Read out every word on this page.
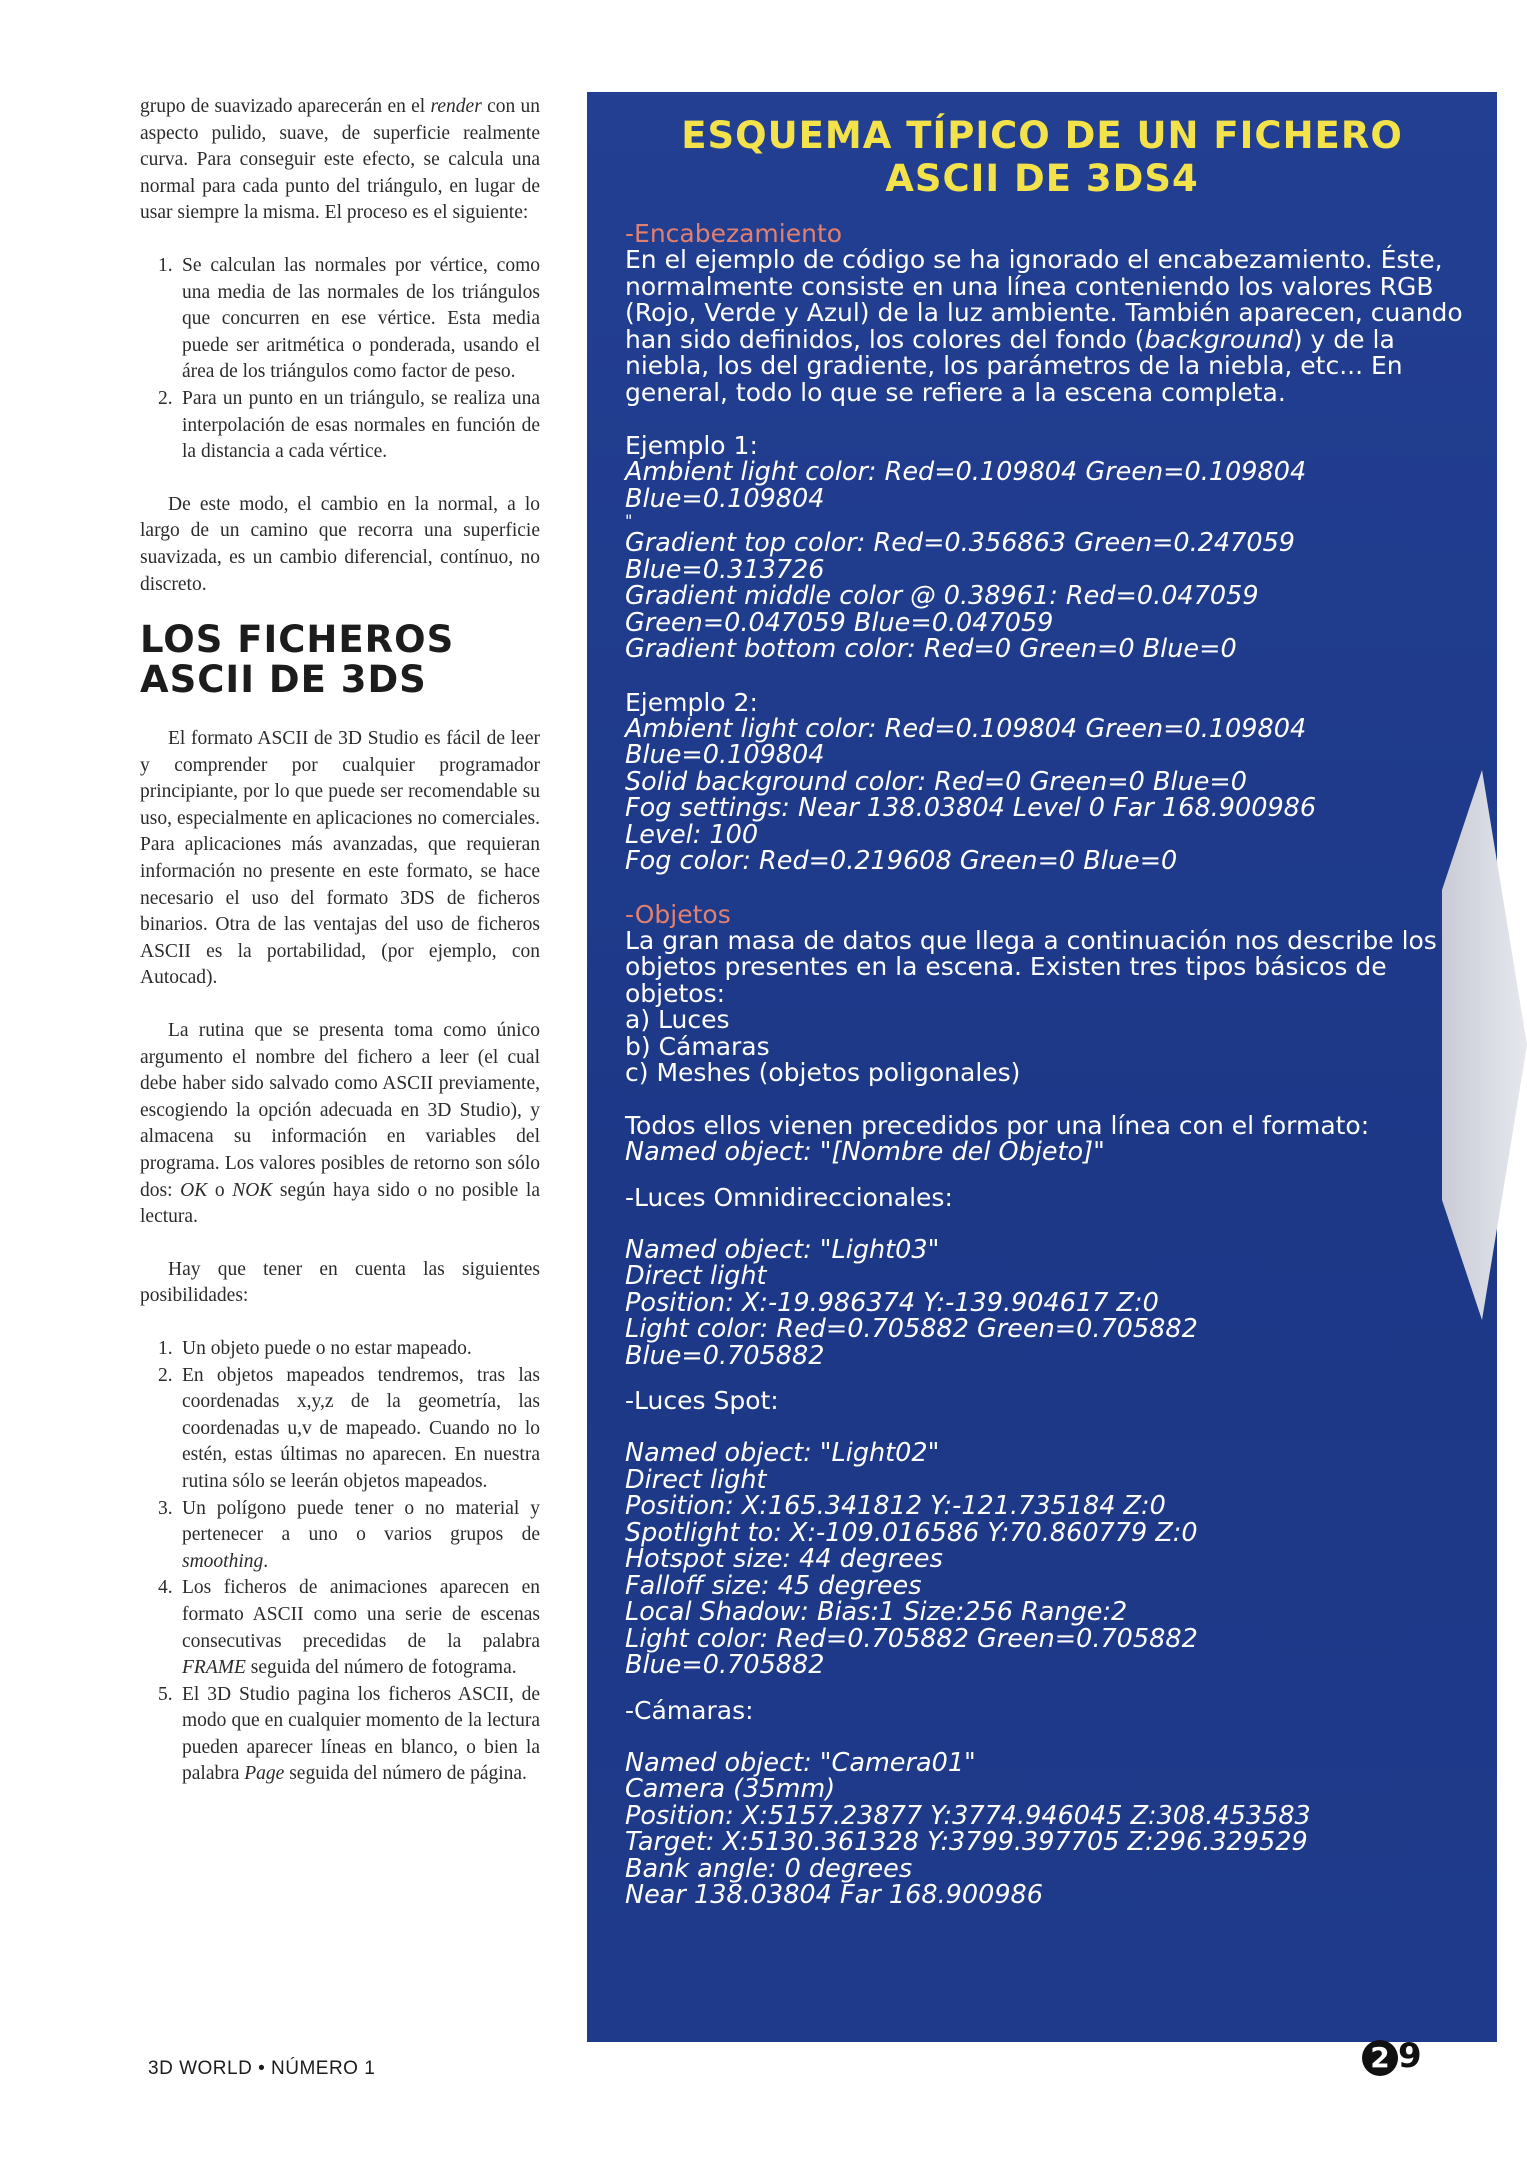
grupo de suavizado aparecerán en el render con un aspecto pulido, suave, de superficie realmente curva. Para conseguir este efecto, se calcula una normal para cada punto del triángulo, en lugar de usar siempre la misma. El proceso es el siguiente:

1. Se calculan las normales por vértice, como una media de las normales de los triángulos que concurren en ese vértice. Esta media puede ser aritmética o ponderada, usando el área de los triángulos como factor de peso.
2. Para un punto en un triángulo, se realiza una interpolación de esas normales en función de la distancia a cada vértice.

De este modo, el cambio en la normal, a lo largo de un camino que recorra una superficie suavizada, es un cambio diferencial, contínuo, no discreto.

LOS FICHEROS
ASCII DE 3DS

El formato ASCII de 3D Studio es fácil de leer y comprender por cualquier programador principiante, por lo que puede ser recomendable su uso, especialmente en aplicaciones no comerciales. Para aplicaciones más avanzadas, que requieran información no presente en este formato, se hace necesario el uso del formato 3DS de ficheros binarios. Otra de las ventajas del uso de ficheros ASCII es la portabilidad, (por ejemplo, con Autocad).

La rutina que se presenta toma como único argumento el nombre del fichero a leer (el cual debe haber sido salvado como ASCII previamente, escogiendo la opción adecuada en 3D Studio), y almacena su información en variables del programa. Los valores posibles de retorno son sólo dos: OK o NOK según haya sido o no posible la lectura.

Hay que tener en cuenta las siguientes posibilidades:

1. Un objeto puede o no estar mapeado.
2. En objetos mapeados tendremos, tras las coordenadas x,y,z de la geometría, las coordenadas u,v de mapeado. Cuando no lo estén, estas últimas no aparecen. En nuestra rutina sólo se leerán objetos mapeados.
3. Un polígono puede tener o no material y pertenecer a uno o varios grupos de smoothing.
4. Los ficheros de animaciones aparecen en formato ASCII como una serie de escenas consecutivas precedidas de la palabra FRAME seguida del número de fotograma.
5. El 3D Studio pagina los ficheros ASCII, de modo que en cualquier momento de la lectura pueden aparecer líneas en blanco, o bien la palabra Page seguida del número de página.
ESQUEMA TÍPICO DE UN FICHERO
ASCII DE 3DS4
-Encabezamiento
En el ejemplo de código se ha ignorado el encabezamiento. Éste, normalmente consiste en una línea conteniendo los valores RGB (Rojo, Verde y Azul) de la luz ambiente. También aparecen, cuando han sido definidos, los colores del fondo (background) y de la niebla, los del gradiente, los parámetros de la niebla, etc... En general, todo lo que se refiere a la escena completa.
Ejemplo 1:
Ambient light color: Red=0.109804 Green=0.109804
Blue=0.109804
"
Gradient top color: Red=0.356863 Green=0.247059
Blue=0.313726
Gradient middle color @ 0.38961: Red=0.047059
Green=0.047059 Blue=0.047059
Gradient bottom color: Red=0 Green=0 Blue=0
Ejemplo 2:
Ambient light color: Red=0.109804 Green=0.109804
Blue=0.109804
Solid background color: Red=0 Green=0 Blue=0
Fog settings: Near 138.03804 Level 0 Far 168.900986
Level: 100
Fog color: Red=0.219608 Green=0 Blue=0
-Objetos
La gran masa de datos que llega a continuación nos describe los objetos presentes en la escena. Existen tres tipos básicos de objetos:
a) Luces
b) Cámaras
c) Meshes (objetos poligonales)
Todos ellos vienen precedidos por una línea con el formato:
Named object: "[Nombre del Objeto]"
-Luces Omnidireccionales:
Named object: "Light03"
Direct light
Position: X:-19.986374 Y:-139.904617 Z:0
Light color: Red=0.705882 Green=0.705882
Blue=0.705882
-Luces Spot:
Named object: "Light02"
Direct light
Position: X:165.341812 Y:-121.735184 Z:0
Spotlight to: X:-109.016586 Y:70.860779 Z:0
Hotspot size: 44 degrees
Falloff size: 45 degrees
Local Shadow: Bias:1 Size:256 Range:2
Light color: Red=0.705882 Green=0.705882
Blue=0.705882
-Cámaras:
Named object: "Camera01"
Camera (35mm)
Position: X:5157.23877 Y:3774.946045 Z:308.453583
Target: X:5130.361328 Y:3799.397705 Z:296.329529
Bank angle: 0 degrees
Near 138.03804 Far 168.900986
3D WORLD • NÚMERO 1	2 9
